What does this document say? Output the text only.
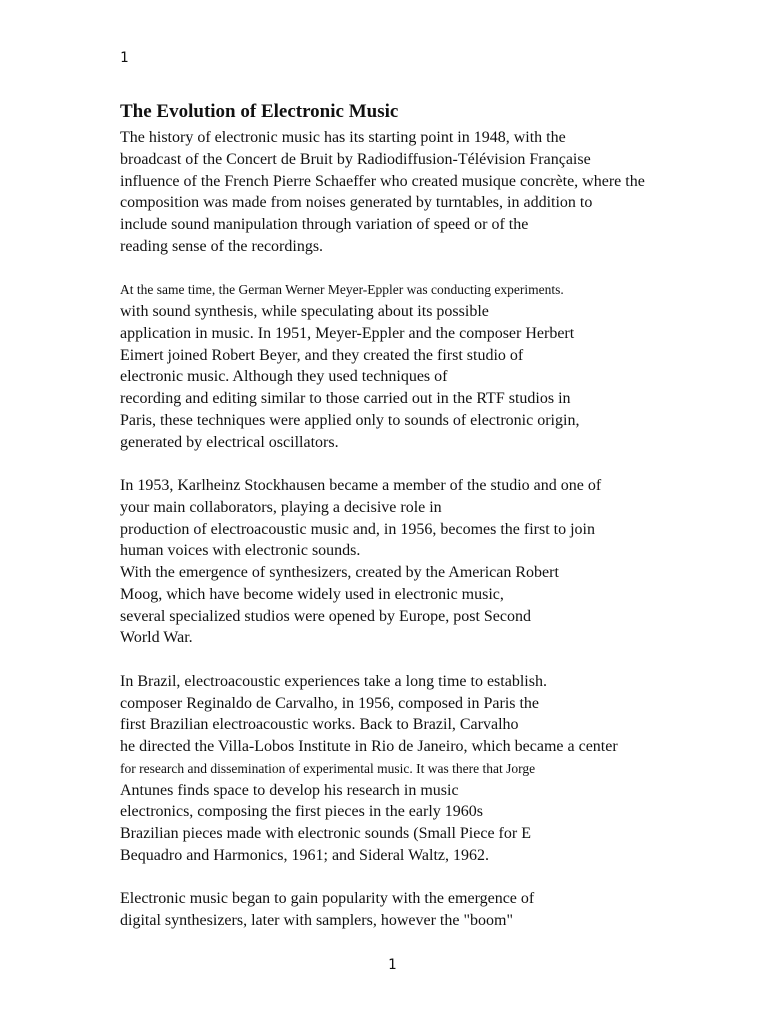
1
The Evolution of Electronic Music
The history of electronic music has its starting point in 1948, with the
broadcast of the Concert de Bruit by Radiodiffusion-Télévision Française
influence of the French Pierre Schaeffer who created musique concrète, where the
composition was made from noises generated by turntables, in addition to
include sound manipulation through variation of speed or of the
reading sense of the recordings.
At the same time, the German Werner Meyer-Eppler was conducting experiments.
with sound synthesis, while speculating about its possible
application in music. In 1951, Meyer-Eppler and the composer Herbert
Eimert joined Robert Beyer, and they created the first studio of
electronic music. Although they used techniques of
recording and editing similar to those carried out in the RTF studios in
Paris, these techniques were applied only to sounds of electronic origin,
generated by electrical oscillators.
In 1953, Karlheinz Stockhausen became a member of the studio and one of
your main collaborators, playing a decisive role in
production of electroacoustic music and, in 1956, becomes the first to join
human voices with electronic sounds.
With the emergence of synthesizers, created by the American Robert
Moog, which have become widely used in electronic music,
several specialized studios were opened by Europe, post Second
World War.
In Brazil, electroacoustic experiences take a long time to establish.
composer Reginaldo de Carvalho, in 1956, composed in Paris the
first Brazilian electroacoustic works. Back to Brazil, Carvalho
he directed the Villa-Lobos Institute in Rio de Janeiro, which became a center
for research and dissemination of experimental music. It was there that Jorge
Antunes finds space to develop his research in music
electronics, composing the first pieces in the early 1960s
Brazilian pieces made with electronic sounds (Small Piece for E
Bequadro and Harmonics, 1961; and Sideral Waltz, 1962.
Electronic music began to gain popularity with the emergence of
digital synthesizers, later with samplers, however the "boom"
1
